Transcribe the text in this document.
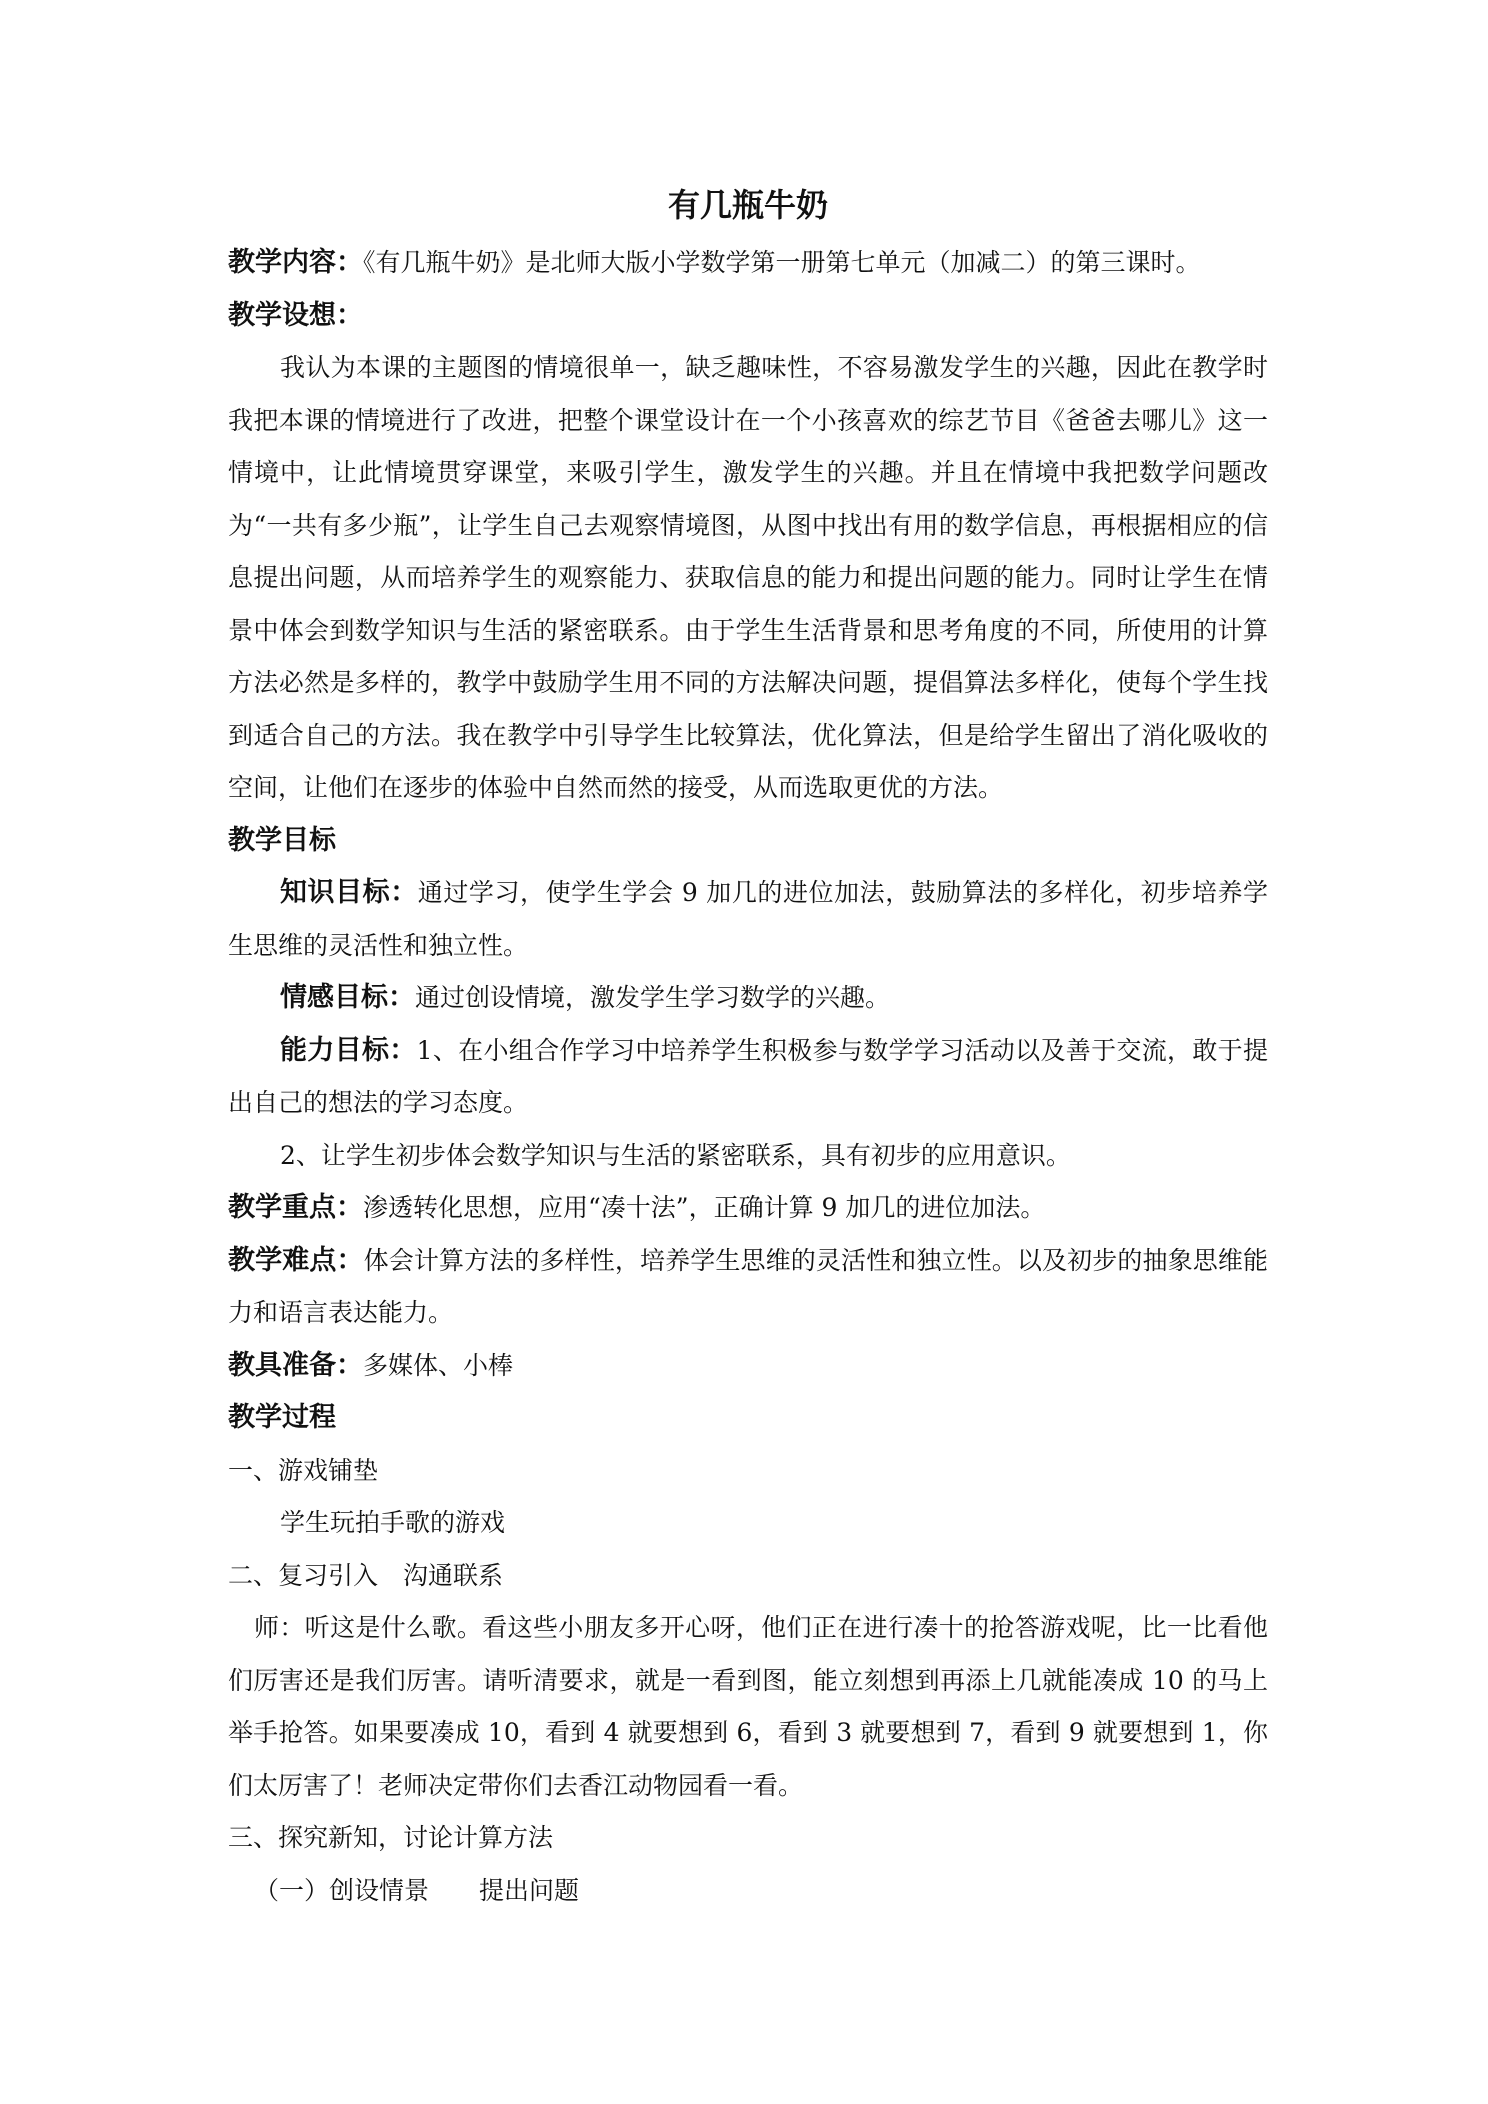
有几瓶牛奶

教学内容：《有几瓶牛奶》是北师大版小学数学第一册第七单元（加减二）的第三课时。

教学设想：

我认为本课的主题图的情境很单一，缺乏趣味性，不容易激发学生的兴趣，因此在教学时我把本课的情境进行了改进，把整个课堂设计在一个小孩喜欢的综艺节目《爸爸去哪儿》这一情境中，让此情境贯穿课堂，来吸引学生，激发学生的兴趣。并且在情境中我把数学问题改为“一共有多少瓶”，让学生自己去观察情境图，从图中找出有用的数学信息，再根据相应的信息提出问题，从而培养学生的观察能力、获取信息的能力和提出问题的能力。同时让学生在情景中体会到数学知识与生活的紧密联系。由于学生生活背景和思考角度的不同，所使用的计算方法必然是多样的，教学中鼓励学生用不同的方法解决问题，提倡算法多样化，使每个学生找到适合自己的方法。我在教学中引导学生比较算法，优化算法，但是给学生留出了消化吸收的空间，让他们在逐步的体验中自然而然的接受，从而选取更优的方法。

教学目标

知识目标：通过学习，使学生学会 9 加几的进位加法，鼓励算法的多样化，初步培养学生思维的灵活性和独立性。

情感目标：通过创设情境，激发学生学习数学的兴趣。

能力目标：1、在小组合作学习中培养学生积极参与数学学习活动以及善于交流，敢于提出自己的想法的学习态度。

2、让学生初步体会数学知识与生活的紧密联系，具有初步的应用意识。

教学重点：渗透转化思想，应用“凑十法”，正确计算 9 加几的进位加法。

教学难点：体会计算方法的多样性，培养学生思维的灵活性和独立性。以及初步的抽象思维能力和语言表达能力。

教具准备：多媒体、小棒

教学过程

一、游戏铺垫

学生玩拍手歌的游戏

二、复习引入　沟通联系

师：听这是什么歌。看这些小朋友多开心呀，他们正在进行凑十的抢答游戏呢，比一比看他们厉害还是我们厉害。请听清要求，就是一看到图，能立刻想到再添上几就能凑成 10 的马上举手抢答。如果要凑成 10，看到 4 就要想到 6，看到 3 就要想到 7，看到 9 就要想到 1，你们太厉害了！老师决定带你们去香江动物园看一看。

三、探究新知，讨论计算方法

（一）创设情景　　提出问题
